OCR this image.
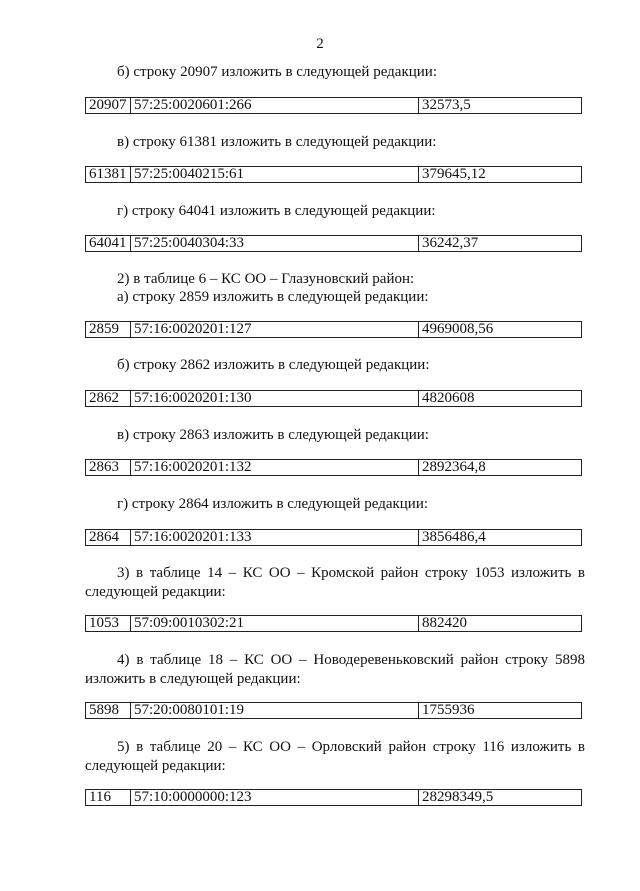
2
б) строку 20907 изложить в следующей редакции:
20907 57:25:0020601:266	32573,5
в) строку 61381 изложить в следующей редакции:
61381 57:25:0040215:61	379645,12
г) строку 64041 изложить в следующей редакции:
64041 57:25:0040304:33	36242,37
2) в таблице 6 – КС ОО – Глазуновский район:
а) строку 2859 изложить в следующей редакции:
2859	57:16:0020201:127	4969008,56
б) строку 2862 изложить в следующей редакции:
2862	57:16:0020201:130	4820608
в) строку 2863 изложить в следующей редакции:
2863	57:16:0020201:132	2892364,8
г) строку 2864 изложить в следующей редакции:
2864	57:16:0020201:133	3856486,4
3) в таблице 14 – КС ОО – Кромской район строку 1053 изложить в следующей редакции:
1053	57:09:0010302:21	882420
4) в таблице 18 – КС ОО – Новодеревеньковский район строку 5898 изложить в следующей редакции:
5898	57:20:0080101:19	1755936
5) в таблице 20 – КС ОО – Орловский район строку 116 изложить в следующей редакции:
116	57:10:0000000:123	28298349,5
